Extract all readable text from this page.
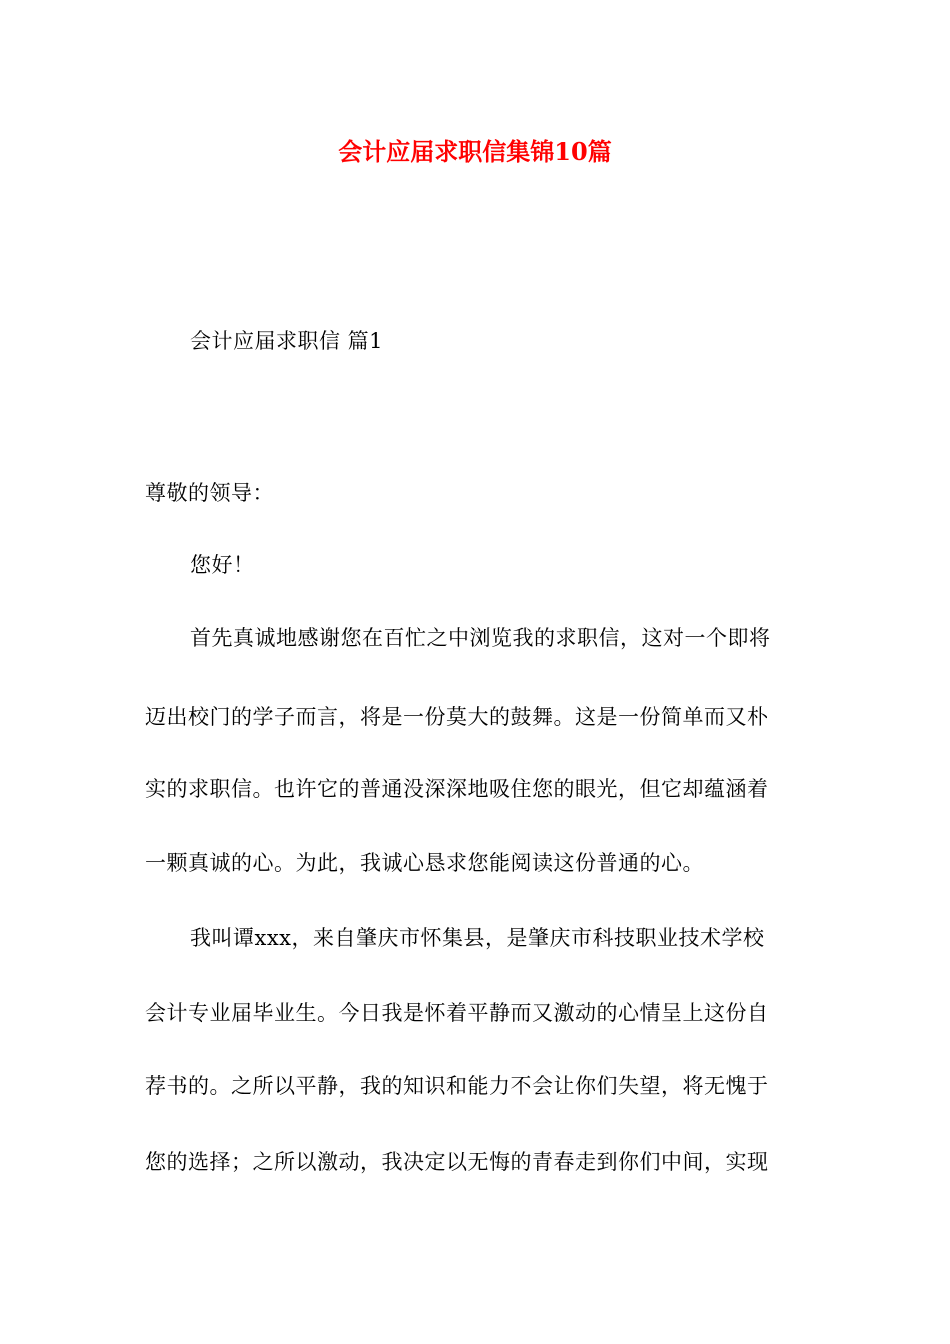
会计应届求职信集锦10篇
会计应届求职信 篇1
尊敬的领导：
您好！
首先真诚地感谢您在百忙之中浏览我的求职信，这对一个即将
迈出校门的学子而言，将是一份莫大的鼓舞。这是一份简单而又朴
实的求职信。也许它的普通没深深地吸住您的眼光，但它却蕴涵着
一颗真诚的心。为此，我诚心恳求您能阅读这份普通的心。
我叫谭xxx，来自肇庆市怀集县，是肇庆市科技职业技术学校
会计专业届毕业生。今日我是怀着平静而又激动的心情呈上这份自
荐书的。之所以平静，我的知识和能力不会让你们失望，将无愧于
您的选择；之所以激动，我决定以无悔的青春走到你们中间，实现
